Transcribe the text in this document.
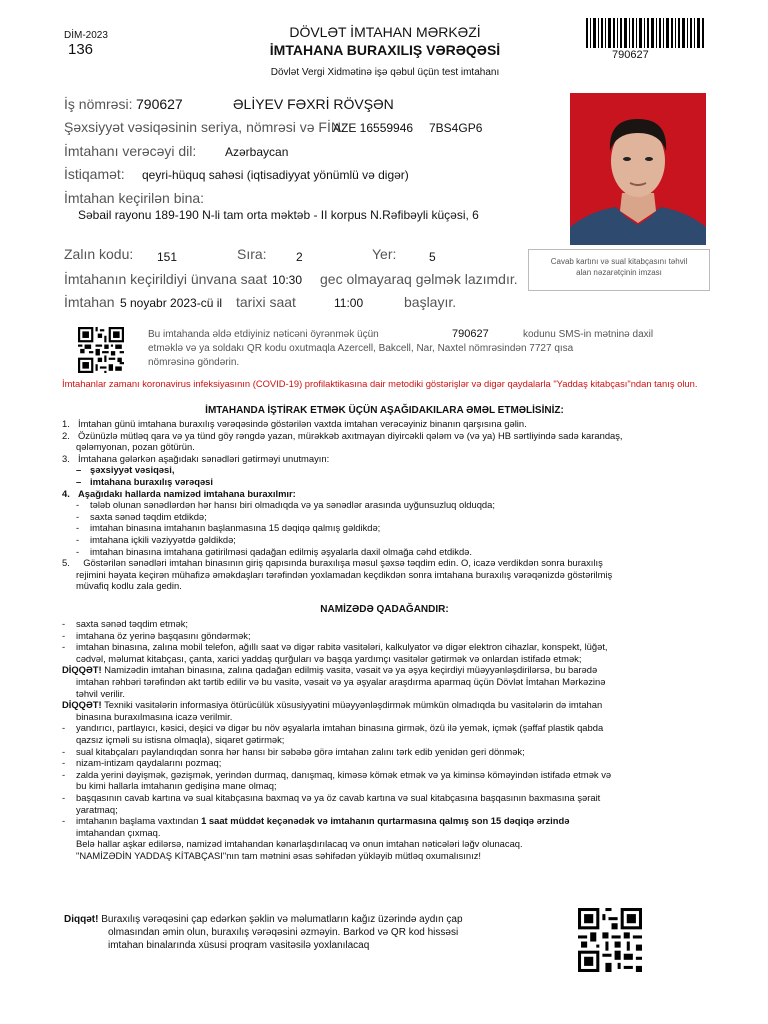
DİM-2023
136
DÖVLƏT İMTAHAN MƏRKƏZİ
İMTAHANA BURAXILIŞ VƏRƏQƏSİ
Dövlət Vergi Xidmətinə işə qəbul üçün test imtahanı
790627
İş nömrəsi: 790627	ƏLİYEV FƏXRİ RÖVŞƏN
Şəxsiyyət vəsiqəsinin seriya, nömrəsi və FİN:
AZE 16559946 7BS4GP6
İmtahanı verəcəyi dil: Azərbaycan
İstiqamət: qeyri-hüquq sahəsi (iqtisadiyyat yönümlü və digər)
İmtahan keçirilən bina:
Səbail rayonu 189-190 N-li tam orta məktəb - II korpus N.Rəfibəyli küçəsi, 6
Zalın kodu: 151	Sıra: 2	Yer:	5
İmtahanın keçirildiyi ünvana saat 10:30 gec olmayaraq gəlmək lazımdır.
İmtahan 5 noyabr 2023-cü il tarixi saat	11:00	başlayır.
Cavab kartını və sual kitabçasını təhvil alan nəzarətçinin imzası
Bu imtahanda əldə etdiyiniz nəticəni öyrənmək üçün	790627	kodunu SMS-in mətninə daxil
etməklə və ya soldakı QR kodu oxutmaqla Azercell, Bakcell, Nar, Naxtel nömrəsindən 7727 qısa
nömrəsinə göndərin.
İmtahanlar zamanı koronavirus infeksiyasının (COVID-19) profilaktikasına dair metodiki göstərişlər və digər qaydalarla "Yaddaş kitabçası"ndan tanış olun.
İMTAHANDA İŞTİRAK ETMƏK ÜÇÜN AŞAĞIDAKILARA ƏMƏL ETMƏLİSİNİZ:

1. İmtahan günü imtahana buraxılış vərəqəsində göstərilən vaxtda imtahan verəcəyiniz binanın qarşısına gəlin.

2. Özünüzlə mütləq qara və ya tünd göy rəngdə yazan, mürəkkəb axıtmayan diyircəkli qələm və (və ya) HB sərtliyində sadə karandaş,

qələmyonan, pozan götürün.

3. İmtahana gələrkən aşağıdakı sənədləri gətirməyi unutmayın:

– şəxsiyyət vəsiqəsi,

– imtahana buraxılış vərəqəsi

4. Aşağıdakı hallarda namizəd imtahana buraxılmır:

- tələb olunan sənədlərdən hər hansı biri olmadıqda və ya sənədlər arasında uyğunsuzluq olduqda;

- saxta sənəd təqdim etdikdə;

- imtahan binasına imtahanın başlanmasına 15 dəqiqə qalmış gəldikdə;

- imtahana içkili vəziyyətdə gəldikdə;

- imtahan binasına imtahana gətirilməsi qadağan edilmiş əşyalarla daxil olmağa cəhd etdikdə.

5. Göstərilən sənədləri imtahan binasının giriş qapısında buraxılışa məsul şəxsə təqdim edin. O, icazə verdikdən sonra buraxılış

rejimini həyata keçirən mühafizə əməkdaşları tərəfindən yoxlamadan keçdikdən sonra imtahana buraxılış vərəqənizdə göstərilmiş

müvafiq kodlu zala gedin.

NAMİZƏDƏ QADAĞANDIR:

- saxta sənəd təqdim etmək;

- imtahana öz yerinə başqasını göndərmək;

- imtahan binasına, zalına mobil telefon, ağıllı saat və digər rabitə vasitələri, kalkulyator və digər elektron cihazlar, konspekt, lüğət,

cədvəl, məlumat kitabçası, çanta, xarici yaddaş qurğuları və başqa yardımçı vasitələr gətirmək və onlardan istifadə etmək;

DİQQƏT! Namizədin imtahan binasına, zalına qadağan edilmiş vasitə, vəsait və ya əşya keçirdiyi müəyyənləşdirilərsə, bu barədə

imtahan rəhbəri tərəfindən akt tərtib edilir və bu vasitə, vəsait və ya əşyalar araşdırma aparmaq üçün Dövlət İmtahan Mərkəzinə

təhvil verilir.

DİQQƏT! Texniki vasitələrin informasiya ötürücülük xüsusiyyətini müəyyənləşdirmək mümkün olmadıqda bu vasitələrin də imtahan

binasına buraxılmasına icazə verilmir.

- yandırıcı, partlayıcı, kəsici, deşici və digər bu növ əşyalarla imtahan binasına girmək, özü ilə yemək, içmək (şəffaf plastik qabda

qazsız içməli su istisna olmaqla), siqaret gətirmək;

- sual kitabçaları paylandıqdan sonra hər hansı bir səbəbə görə imtahan zalını tərk edib yenidən geri dönmək;

- nizam-intizam qaydalarını pozmaq;

- zalda yerini dəyişmək, gəzişmək, yerindən durmaq, danışmaq, kiməsə kömək etmək və ya kiminsə köməyindən istifadə etmək və

bu kimi hallarla imtahanın gedişinə mane olmaq;

- başqasının cavab kartına və sual kitabçasına baxmaq və ya öz cavab kartına və sual kitabçasına başqasının baxmasına şərait

yaratmaq;

- imtahanın başlama vaxtından 1 saat müddət keçənədək və imtahanın qurtarmasına qalmış son 15 dəqiqə ərzində

imtahandan çıxmaq.

Belə hallar aşkar edilərsə, namizəd imtahandan kənarlaşdırılacaq və onun imtahan nəticələri ləğv olunacaq.

"NAMİZƏDİN YADDAŞ KİTABÇASI"nın tam mətnini əsas səhifədən yükləyib mütləq oxumalısınız!

Diqqət! Buraxılış vərəqəsini çap edərkən şəklin və məlumatların kağız üzərində aydın çap
olmasından əmin olun, buraxılış vərəqəsini əzməyin. Barkod və QR kod hissəsi
imtahan binalarında xüsusi proqram vasitəsilə yoxlanılacaq
